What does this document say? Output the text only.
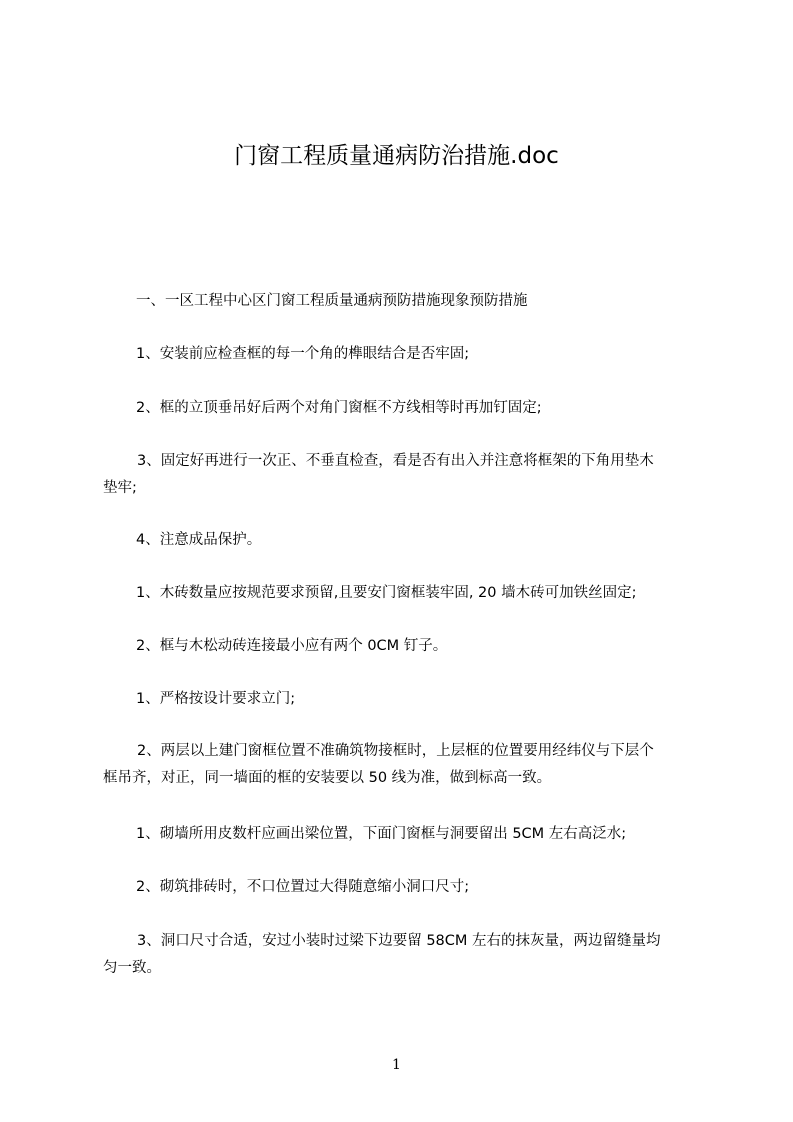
门窗工程质量通病防治措施.doc
一、一区工程中心区门窗工程质量通病预防措施现象预防措施
1、安装前应检查框的每一个角的榫眼结合是否牢固;
2、框的立顶垂吊好后两个对角门窗框不方线相等时再加钉固定;
3、固定好再进行一次正、不垂直检查，看是否有出入并注意将框架的下角用垫木
垫牢;
4、注意成品保护。
1、木砖数量应按规范要求预留,且要安门窗框装牢固, 20 墙木砖可加铁丝固定;
2、框与木松动砖连接最小应有两个 0CM 钉子。
1、严格按设计要求立门;
2、两层以上建门窗框位置不准确筑物接框时，上层框的位置要用经纬仪与下层个
框吊齐，对正，同一墙面的框的安装要以 50 线为准，做到标高一致。
1、砌墙所用皮数杆应画出梁位置，下面门窗框与洞要留出 5CM 左右高泛水;
2、砌筑排砖时，不口位置过大得随意缩小洞口尺寸;
3、洞口尺寸合适，安过小装时过梁下边要留 58CM 左右的抹灰量，两边留缝量均
匀一致。
1
